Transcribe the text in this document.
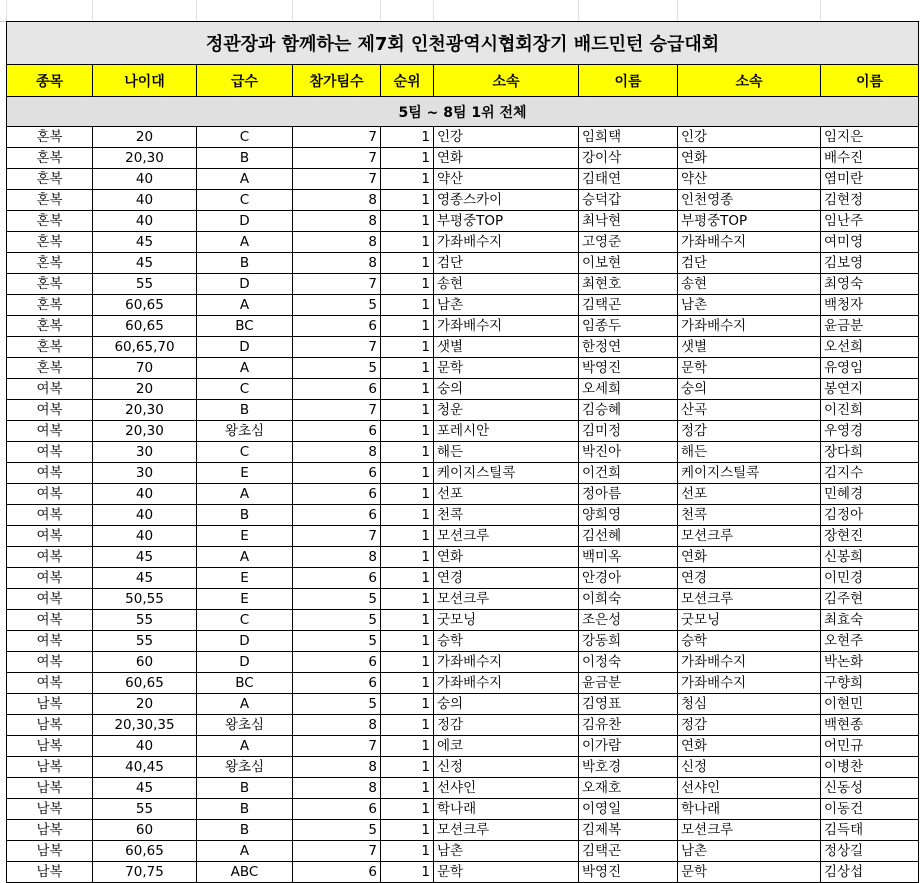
정관장과 함께하는 제7회 인천광역시협회장기 배드민턴 승급대회								
종목	나이대	급수	참가팀수	순위	소속	이름	소속	이름
5팀 ~ 8팀 1위 전체								
혼복	20	C	7	1	인강	임희택	인강	임지은
혼복	20,30	B	7	1	연화	강이삭	연화	배수진
혼복	40	A	7	1	약산	김태연	약산	염미란
혼복	40	C	8	1	영종스카이	승덕갑	인천영종	김현정
혼복	40	D	8	1	부평중TOP	최낙현	부평중TOP	임난주
혼복	45	A	8	1	가좌배수지	고영준	가좌배수지	여미영
혼복	45	B	8	1	검단	이보현	검단	김보영
혼복	55	D	7	1	송현	최현호	송현	최영숙
혼복	60,65	A	5	1	남촌	김택곤	남촌	백청자
혼복	60,65	BC	6	1	가좌배수지	임종두	가좌배수지	윤금분
혼복	60,65,70	D	7	1	샛별	한정연	샛별	오선희
혼복	70	A	5	1	문학	박영진	문학	유영임
여복	20	C	6	1	숭의	오세희	숭의	봉연지
여복	20,30	B	7	1	청운	김승혜	산곡	이진희
여복	20,30	왕초심	6	1	포레시안	김미정	정감	우영경
여복	30	C	8	1	해든	박진아	해든	장다희
여복	30	E	6	1	케이지스틸콕	이건희	케이지스틸콕	김지수
여복	40	A	6	1	선포	정아름	선포	민혜경
여복	40	B	6	1	천콕	양희영	천콕	김정아
여복	40	E	7	1	모션크루	김선혜	모션크루	장현진
여복	45	A	8	1	연화	백미옥	연화	신봉희
여복	45	E	6	1	연경	안경아	연경	이민경
여복	50,55	E	5	1	모션크루	이희숙	모션크루	김주현
여복	55	C	5	1	굿모닝	조은성	굿모닝	최효숙
여복	55	D	5	1	승학	강동희	승학	오현주
여복	60	D	6	1	가좌배수지	이정숙	가좌배수지	박논화
여복	60,65	BC	6	1	가좌배수지	윤금분	가좌배수지	구향희
남복	20	A	5	1	숭의	김영표	청심	이현민
남복	20,30,35	왕초심	8	1	정감	김유찬	정감	백현종
남복	40	A	7	1	에코	이가람	연화	어민규
남복	40,45	왕초심	8	1	신정	박호경	신정	이병찬
남복	45	B	8	1	선샤인	오재호	선샤인	신동성
남복	55	B	6	1	학나래	이영일	학나래	이동건
남복	60	B	5	1	모션크루	김제복	모션크루	김득태
남복	60,65	A	7	1	남촌	김택곤	남촌	정상길
남복	70,75	ABC	6	1	문학	박영진	문학	김상섭
